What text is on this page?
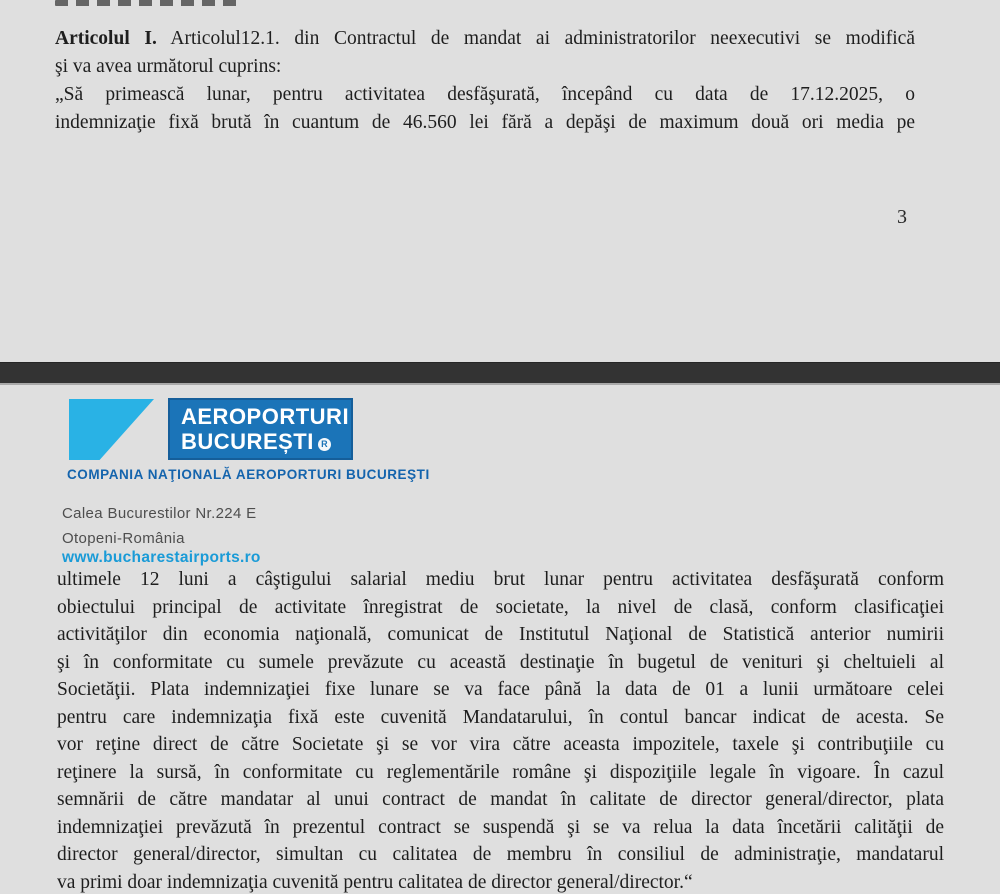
Articolul I. Articolul12.1. din Contractul de mandat ai administratorilor neexecutivi se modifică
şi va avea următorul cuprins:
„Să primească lunar, pentru activitatea desfăşurată, începând cu data de 17.12.2025, o
indemnizaţie fixă brută în cuantum de 46.560 lei fără a depăşi de maximum două ori media pe
3
AEROPORTURI
BUCUREȘTI R
COMPANIA NAŢIONALĂ AEROPORTURI BUCUREŞTI
Calea Bucurestilor Nr.224 E
Otopeni-România
www.bucharestairports.ro
ultimele 12 luni a câştigului salarial mediu brut lunar pentru activitatea desfăşurată conform
obiectului principal de activitate înregistrat de societate, la nivel de clasă, conform clasificaţiei
activităţilor din economia naţională, comunicat de Institutul Naţional de Statistică anterior numirii
şi în conformitate cu sumele prevăzute cu această destinaţie în bugetul de venituri şi cheltuieli al
Societăţii. Plata indemnizaţiei fixe lunare se va face până la data de 01 a lunii următoare celei
pentru care indemnizaţia fixă este cuvenită Mandatarului, în contul bancar indicat de acesta. Se
vor reţine direct de către Societate şi se vor vira către aceasta impozitele, taxele şi contribuţiile cu
reţinere la sursă, în conformitate cu reglementările române şi dispoziţiile legale în vigoare. În cazul
semnării de către mandatar al unui contract de mandat în calitate de director general/director, plata
indemnizaţiei prevăzută în prezentul contract se suspendă şi se va relua la data încetării calităţii de
director general/director, simultan cu calitatea de membru în consiliul de administraţie, mandatarul
va primi doar indemnizaţia cuvenită pentru calitatea de director general/director.“
